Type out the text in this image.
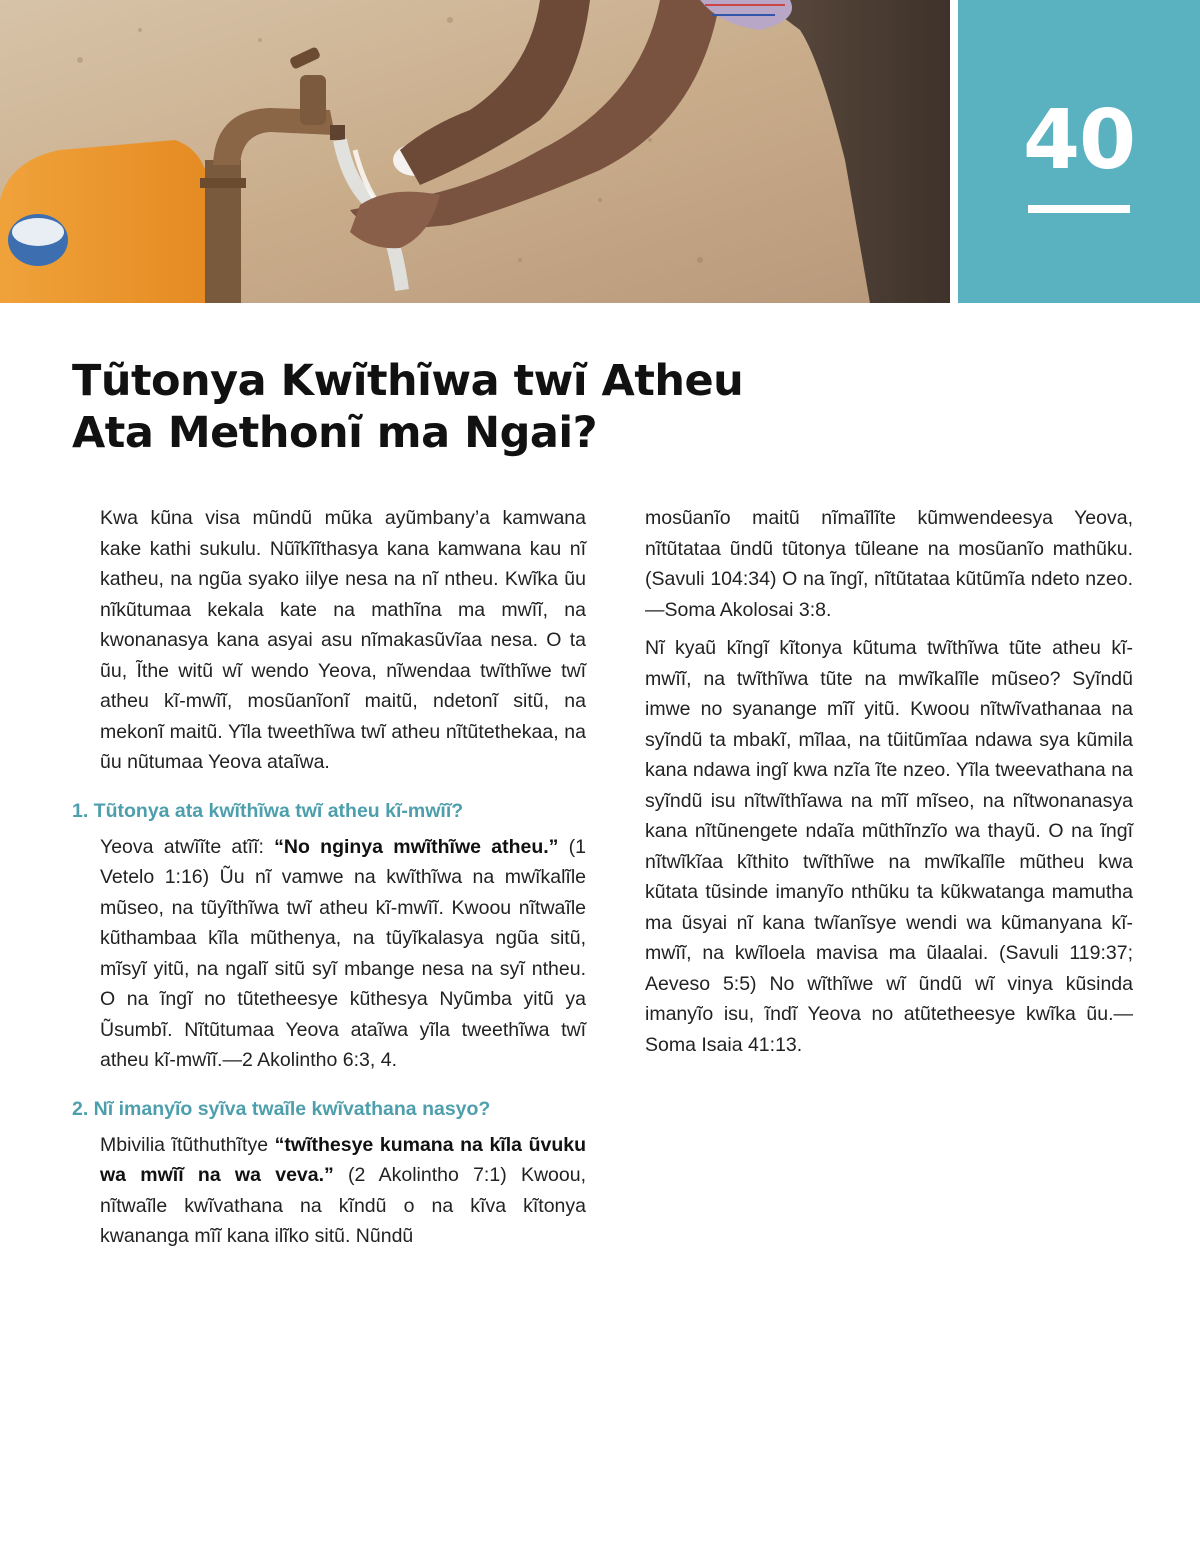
40
Tũtonya Kwĩthĩwa twĩ Atheu
Ata Methonĩ ma Ngai?

Kwa kũna visa mũndũ mũka ayũmbany’a kamwana kake kathi sukulu. Nũĩkĩĩthasya kana kamwana kau nĩ katheu, na ngũa syako iilye nesa na nĩ ntheu. Kwĩka ũu nĩkũtumaa kekala kate na mathĩna ma mwĩĩ, na kwonanasya kana asyai asu nĩmakasũvĩaa nesa. O ta ũu, Ĩthe witũ wĩ wendo Yeova, nĩwendaa twĩthĩwe twĩ atheu kĩ-mwĩĩ, mosũanĩonĩ maitũ, ndetonĩ sitũ, na mekonĩ maitũ. Yĩla tweethĩwa twĩ atheu nĩtũtethekaa, na ũu nũtumaa Yeova ataĩwa.

1. Tũtonya ata kwĩthĩwa twĩ atheu kĩ-mwĩĩ?

Yeova atwĩĩte atĩĩ: “No nginya mwĩthĩwe atheu.” (1 Vetelo 1:16) Ũu nĩ vamwe na kwĩthĩwa na mwĩkalĩle mũseo, na tũyĩthĩwa twĩ atheu kĩ-mwĩĩ. Kwoou nĩtwaĩle kũthambaa kĩla mũthenya, na tũyĩkalasya ngũa sitũ, mĩsyĩ yitũ, na ngalĩ sitũ syĩ mbange nesa na syĩ ntheu. O na ĩngĩ no tũtetheesye kũthesya Nyũmba yitũ ya Ũsumbĩ. Nĩtũtumaa Yeova ataĩwa yĩla tweethĩwa twĩ atheu kĩ-mwĩĩ.—2 Akolintho 6:3, 4.

2. Nĩ imanyĩo syĩva twaĩle kwĩvathana nasyo?

Mbivilia ĩtũthuthĩtye “twĩthesye kumana na kĩla ũvuku wa mwĩĩ na wa veva.” (2 Akolintho 7:1) Kwoou, nĩtwaĩle kwĩvathana na kĩndũ o na kĩva kĩtonya kwananga mĩĩ kana ilĩko sitũ. Nũndũ

mosũanĩo maitũ nĩmaĩlĩte kũmwendeesya Yeova, nĩtũtataa ũndũ tũtonya tũleane na mosũanĩo mathũku. (Savuli 104:34) O na ĩngĩ, nĩtũtataa kũtũmĩa ndeto nzeo.—Soma Akolosai 3:8.

Nĩ kyaũ kĩngĩ kĩtonya kũtuma twĩthĩwa tũte atheu kĩ-mwĩĩ, na twĩthĩwa tũte na mwĩkalĩle mũseo? Syĩndũ imwe no syanange mĩĩ yitũ. Kwoou nĩtwĩvathanaa na syĩndũ ta mbakĩ, mĩlaa, na tũitũmĩaa ndawa sya kũmila kana ndawa ingĩ kwa nzĩa ĩte nzeo. Yĩla tweevathana na syĩndũ isu nĩtwĩthĩawa na mĩĩ mĩseo, na nĩtwonanasya kana nĩtũnengete ndaĩa mũthĩnzĩo wa thayũ. O na ĩngĩ nĩtwĩkĩaa kĩthito twĩthĩwe na mwĩkalĩle mũtheu kwa kũtata tũsinde imanyĩo nthũku ta kũkwatanga mamutha ma ũsyai nĩ kana twĩanĩsye wendi wa kũmanyana kĩ-mwĩĩ, na kwĩloela mavisa ma ũlaalai. (Savuli 119:37; Aeveso 5:5) No wĩthĩwe wĩ ũndũ wĩ vinya kũsinda imanyĩo isu, ĩndĩ Yeova no atũtetheesye kwĩka ũu.—Soma Isaia 41:13.
